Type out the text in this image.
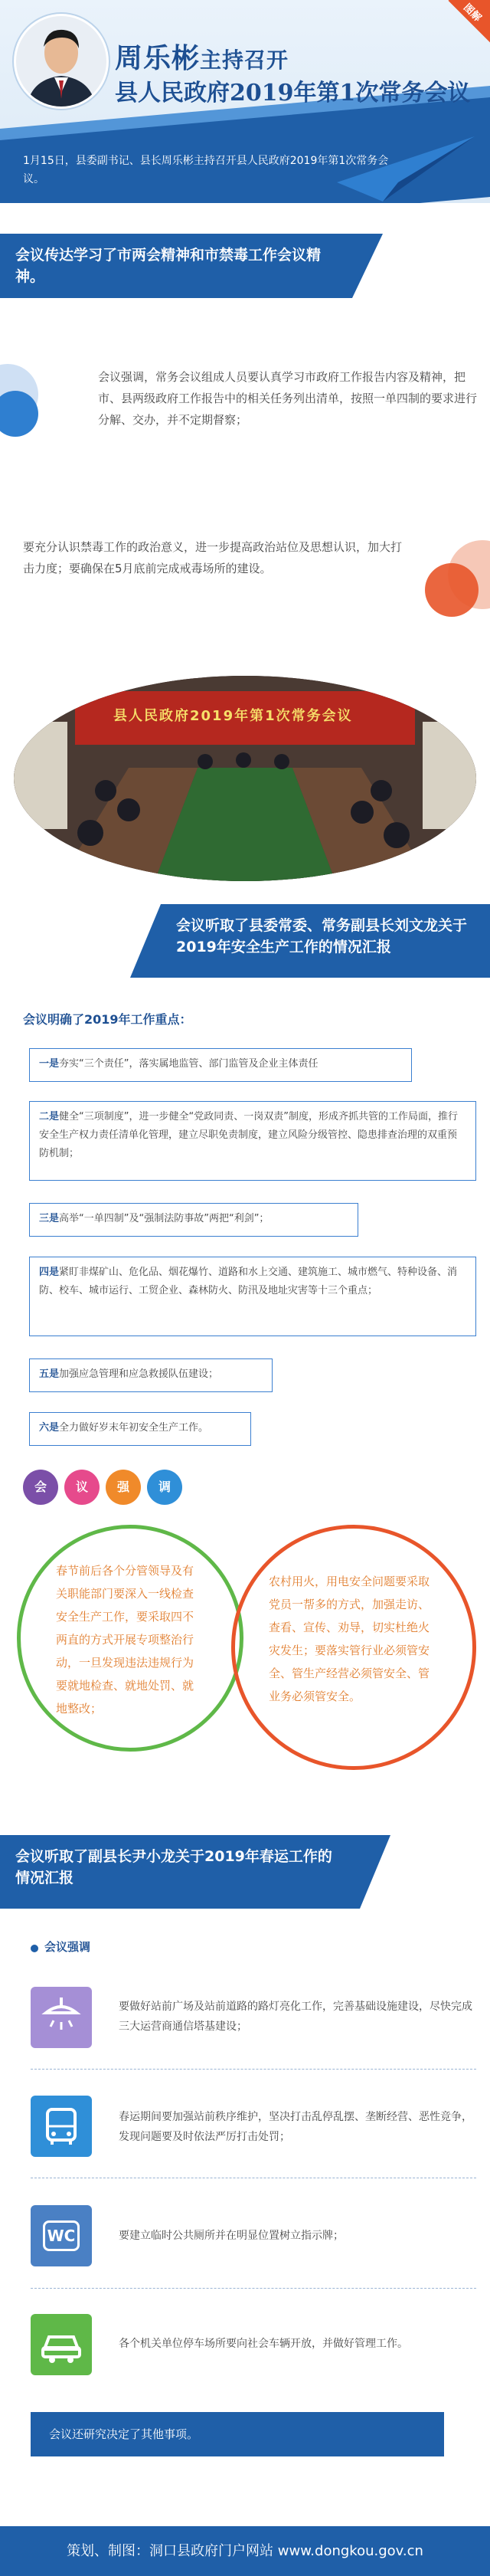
图解
周乐彬主持召开
县人民政府2019年第1次常务会议
1月15日，县委副书记、县长周乐彬主持召开县人民政府2019年第1次常务会议。
会议传达学习了市两会精神和市禁毒工作会议精神。
会议强调，常务会议组成人员要认真学习市政府工作报告内容及精神，把市、县两级政府工作报告中的相关任务列出清单，按照一单四制的要求进行分解、交办，并不定期督察；
要充分认识禁毒工作的政治意义，进一步提高政治站位及思想认识，加大打击力度；要确保在5月底前完成戒毒场所的建设。
县人民政府2019年第1次常务会议
会议听取了县委常委、常务副县长刘文龙关于2019年安全生产工作的情况汇报
会议明确了2019年工作重点：
一是夯实“三个责任”，落实属地监管、部门监管及企业主体责任
二是健全“三项制度”，进一步健全“党政同责、一岗双责”制度，形成齐抓共管的工作局面，推行安全生产权力责任清单化管理，建立尽职免责制度，建立风险分级管控、隐患排查治理的双重预防机制；
三是高举“一单四制”及“强制法防事故”两把“利剑”；
四是紧盯非煤矿山、危化品、烟花爆竹、道路和水上交通、建筑施工、城市燃气、特种设备、消防、校车、城市运行、工贸企业、森林防火、防汛及地址灾害等十三个重点；
五是加强应急管理和应急救援队伍建设；
六是全力做好岁末年初安全生产工作。
会	议	强	调
春节前后各个分管领导及有关职能部门要深入一线检查安全生产工作，要采取四不两直的方式开展专项整治行动，一旦发现违法违规行为要就地检查、就地处罚、就地整改；
农村用火，用电安全问题要采取党员一帮多的方式，加强走访、查看、宣传、劝导，切实杜绝火灾发生；要落实管行业必须管安全、管生产经营必须管安全、管业务必须管安全。
会议听取了副县长尹小龙关于2019年春运工作的情况汇报
会议强调
要做好站前广场及站前道路的路灯亮化工作，完善基础设施建设，尽快完成三大运营商通信塔基建设；
春运期间要加强站前秩序维护，坚决打击乱停乱摆、垄断经营、恶性竞争，发现问题要及时依法严厉打击处罚；
WC	要建立临时公共厕所并在明显位置树立指示牌；
各个机关单位停车场所要向社会车辆开放，并做好管理工作。
会议还研究决定了其他事项。
策划、制图：洞口县政府门户网站 www.dongkou.gov.cn
